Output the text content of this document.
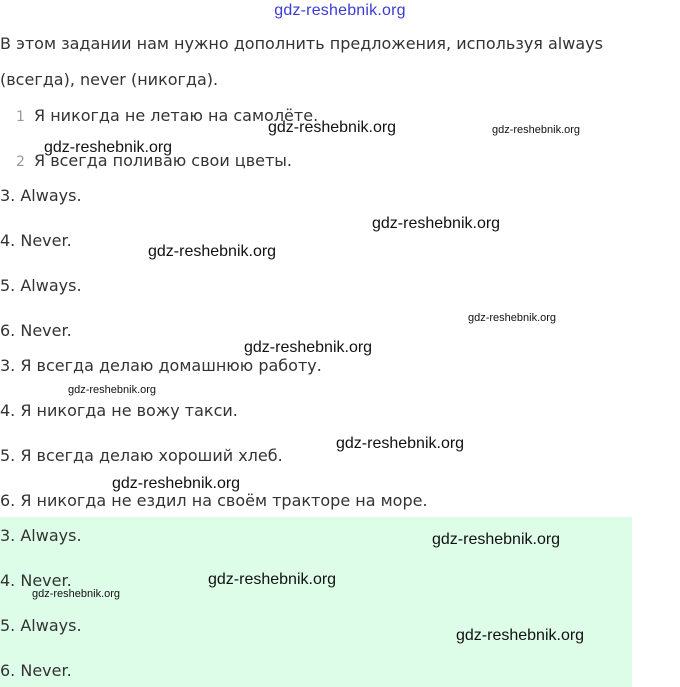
gdz-reshebnik.org
В этом задании нам нужно дополнить предложения, используя always
(всегда), never (никогда).
1 Я никогда не летаю на самолёте.
2 Я всегда поливаю свои цветы.
3. Always.
4. Never.
5. Always.
6. Never.
3. Я всегда делаю домашнюю работу.
4. Я никогда не вожу такси.
5. Я всегда делаю хороший хлеб.
6. Я никогда не ездил на своём тракторе на море.
3. Always.
4. Never.
5. Always.
6. Never.
gdz-reshebnik.org	gdz-reshebnik.org
gdz-reshebnik.org
gdz-reshebnik.org
gdz-reshebnik.org
gdz-reshebnik.org
gdz-reshebnik.org
gdz-reshebnik.org
gdz-reshebnik.org
gdz-reshebnik.org
gdz-reshebnik.org
gdz-reshebnik.org
gdz-reshebnik.org
gdz-reshebnik.org
